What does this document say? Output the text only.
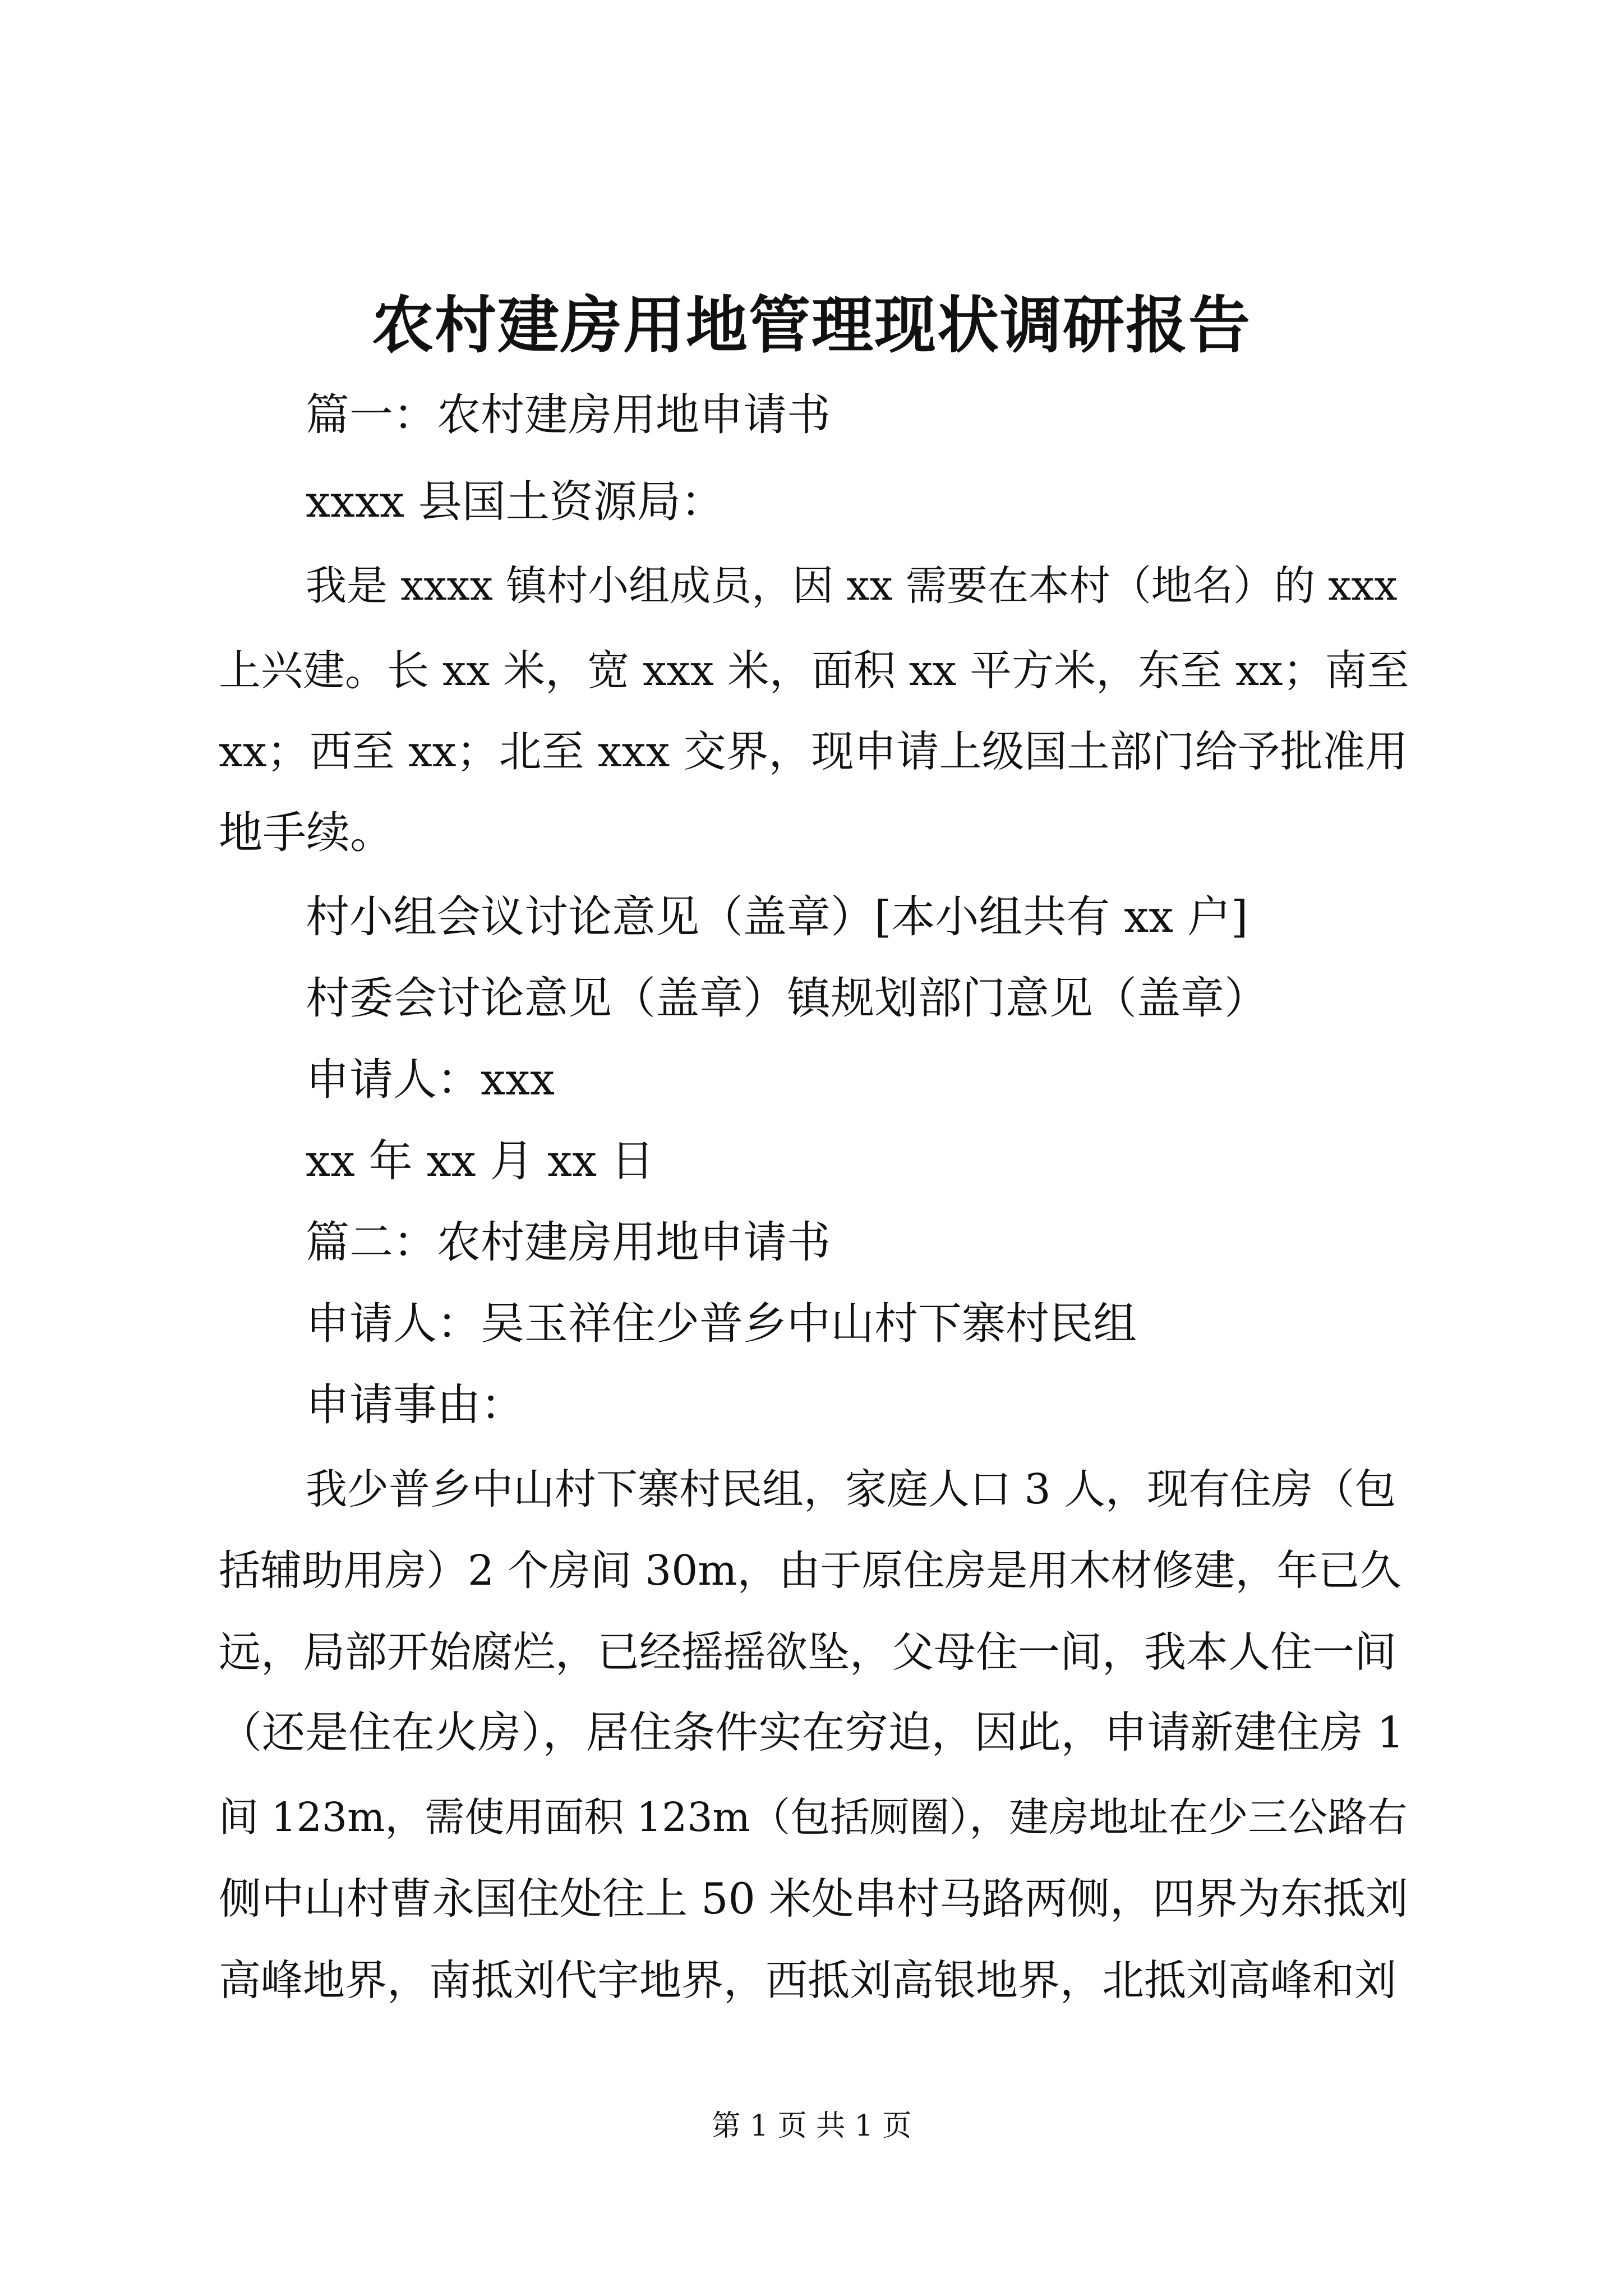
农村建房用地管理现状调研报告

篇一：农村建房用地申请书

xxxx 县国土资源局：

我是 xxxx 镇村小组成员，因 xx 需要在本村（地名）的 xxx

上兴建。长 xx 米，宽 xxx 米，面积 xx 平方米，东至 xx；南至

xx；西至 xx；北至 xxx 交界，现申请上级国土部门给予批准用

地手续。

村小组会议讨论意见（盖章）[本小组共有 xx 户]

村委会讨论意见（盖章）镇规划部门意见（盖章）

申请人：xxx

xx 年 xx 月 xx 日

篇二：农村建房用地申请书

申请人：吴玉祥住少普乡中山村下寨村民组

申请事由：

我少普乡中山村下寨村民组，家庭人口 3 人，现有住房（包

括辅助用房）2 个房间 30m，由于原住房是用木材修建，年已久

远，局部开始腐烂，已经摇摇欲坠，父母住一间，我本人住一间

（还是住在火房），居住条件实在穷迫，因此，申请新建住房 1

间 123m，需使用面积 123m（包括厕圈），建房地址在少三公路右

侧中山村曹永国住处往上 50 米处串村马路两侧，四界为东抵刘

高峰地界，南抵刘代宇地界，西抵刘高银地界，北抵刘高峰和刘

第 1 页 共 1 页
